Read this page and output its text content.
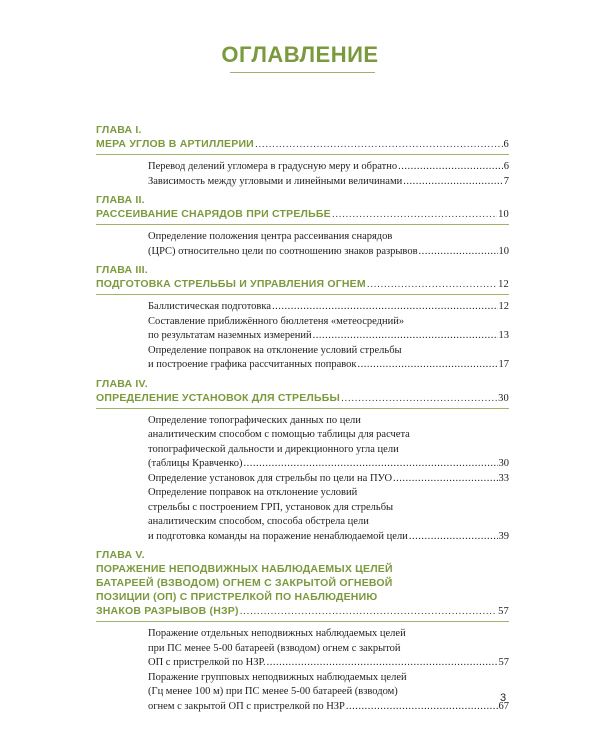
ОГЛАВЛЕНИЕ
ГЛАВА I.
МЕРА УГЛОВ В АРТИЛЛЕРИИ .....	6
Перевод делений угломера в градусную меру и обратно .....	6
Зависимость между угловыми и линейными величинами .....	7
ГЛАВА II.
РАССЕИВАНИЕ СНАРЯДОВ ПРИ СТРЕЛЬБЕ .....	10
Определение положения центра рассеивания снарядов
(ЦРС) относительно цели по соотношению знаков разрывов .....	10
ГЛАВА III.
ПОДГОТОВКА СТРЕЛЬБЫ И УПРАВЛЕНИЯ ОГНЕМ .....	12
Баллистическая подготовка .....	12
Составление приближённого бюллетеня «метеосредний»
по результатам наземных измерений .....	13
Определение поправок на отклонение условий стрельбы
и построение графика рассчитанных поправок .....	17
ГЛАВА IV.
ОПРЕДЕЛЕНИЕ УСТАНОВОК ДЛЯ СТРЕЛЬБЫ .....	30
Определение топографических данных по цели
аналитическим способом с помощью таблицы для расчета
топографической дальности и дирекционного угла цели
(таблицы Кравченко) .....	30
Определение установок для стрельбы по цели на ПУО .....	33
Определение поправок на отклонение условий
стрельбы с построением ГРП, установок для стрельбы
аналитическим способом, способа обстрела цели
и подготовка команды на поражение ненаблюдаемой цели .....	39
ГЛАВА V.
ПОРАЖЕНИЕ НЕПОДВИЖНЫХ НАБЛЮДАЕМЫХ ЦЕЛЕЙ
БАТАРЕЕЙ (ВЗВОДОМ) ОГНЕМ С ЗАКРЫТОЙ ОГНЕВОЙ
ПОЗИЦИИ (ОП) С ПРИСТРЕЛКОЙ ПО НАБЛЮДЕНИЮ
ЗНАКОВ РАЗРЫВОВ (НЗР) .....	57
Поражение отдельных неподвижных наблюдаемых целей
при ПС менее 5-00 батареей (взводом) огнем с закрытой
ОП с пристрелкой по НЗР. .....	57
Поражение групповых неподвижных наблюдаемых целей
(Гц менее 100 м) при ПС менее 5-00 батареей (взводом)
огнем с закрытой ОП с пристрелкой по НЗР .....	67
3
